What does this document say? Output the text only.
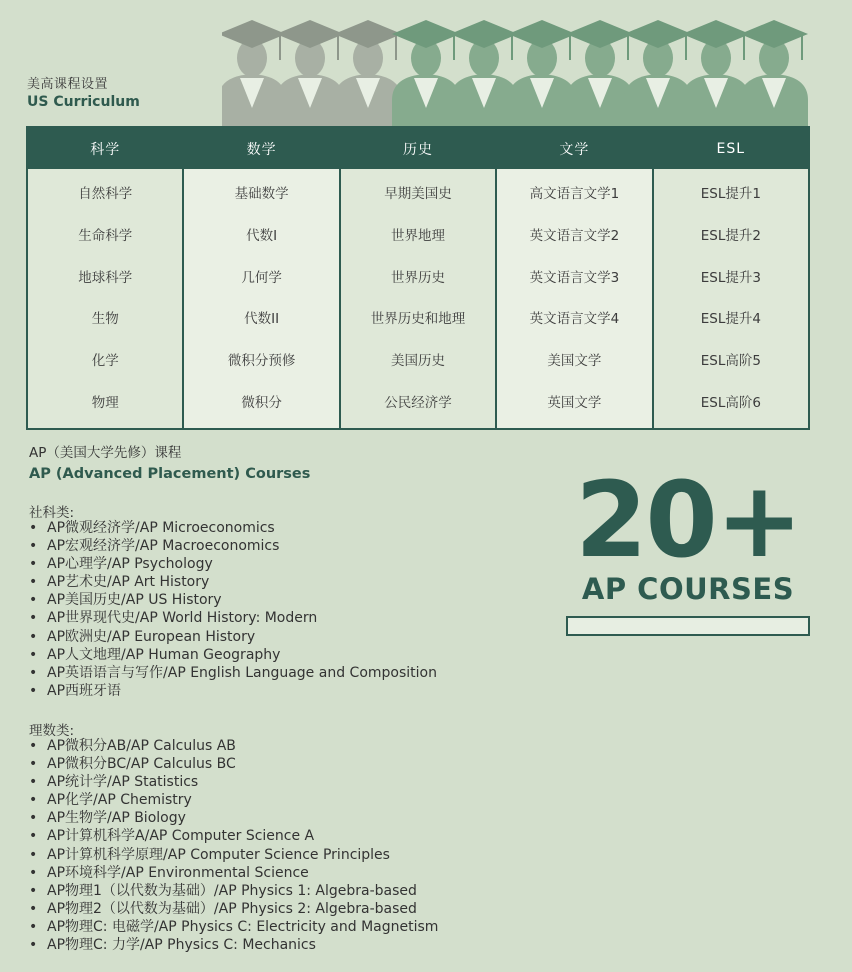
美高课程设置
US Curriculum
科学
自然科学
生命科学
地球科学
生物
化学
物理
数学
基础数学
代数I
几何学
代数II
微积分预修
微积分
历史
早期美国史
世界地理
世界历史
世界历史和地理
美国历史
公民经济学
文学
高文语言文学1
英文语言文学2
英文语言文学3
英文语言文学4
美国文学
英国文学
ESL
ESL提升1
ESL提升2
ESL提升3
ESL提升4
ESL高阶5
ESL高阶6
AP（美国大学先修）课程
AP (Advanced Placement) Courses
社科类:
• AP微观经济学/AP Microeconomics
• AP宏观经济学/AP Macroeconomics
• AP心理学/AP Psychology
• AP艺术史/AP Art History
• AP美国历史/AP US History
• AP世界现代史/AP World History: Modern
• AP欧洲史/AP European History
• AP人文地理/AP Human Geography
• AP英语语言与写作/AP English Language and Composition
• AP西班牙语
理数类:
• AP微积分AB/AP Calculus AB
• AP微积分BC/AP Calculus BC
• AP统计学/AP Statistics
• AP化学/AP Chemistry
• AP生物学/AP Biology
• AP计算机科学A/AP Computer Science A
• AP计算机科学原理/AP Computer Science Principles
• AP环境科学/AP Environmental Science
• AP物理1（以代数为基础）/AP Physics 1: Algebra-based
• AP物理2（以代数为基础）/AP Physics 2: Algebra-based
• AP物理C: 电磁学/AP Physics C: Electricity and Magnetism
• AP物理C: 力学/AP Physics C: Mechanics
20+
AP COURSES
